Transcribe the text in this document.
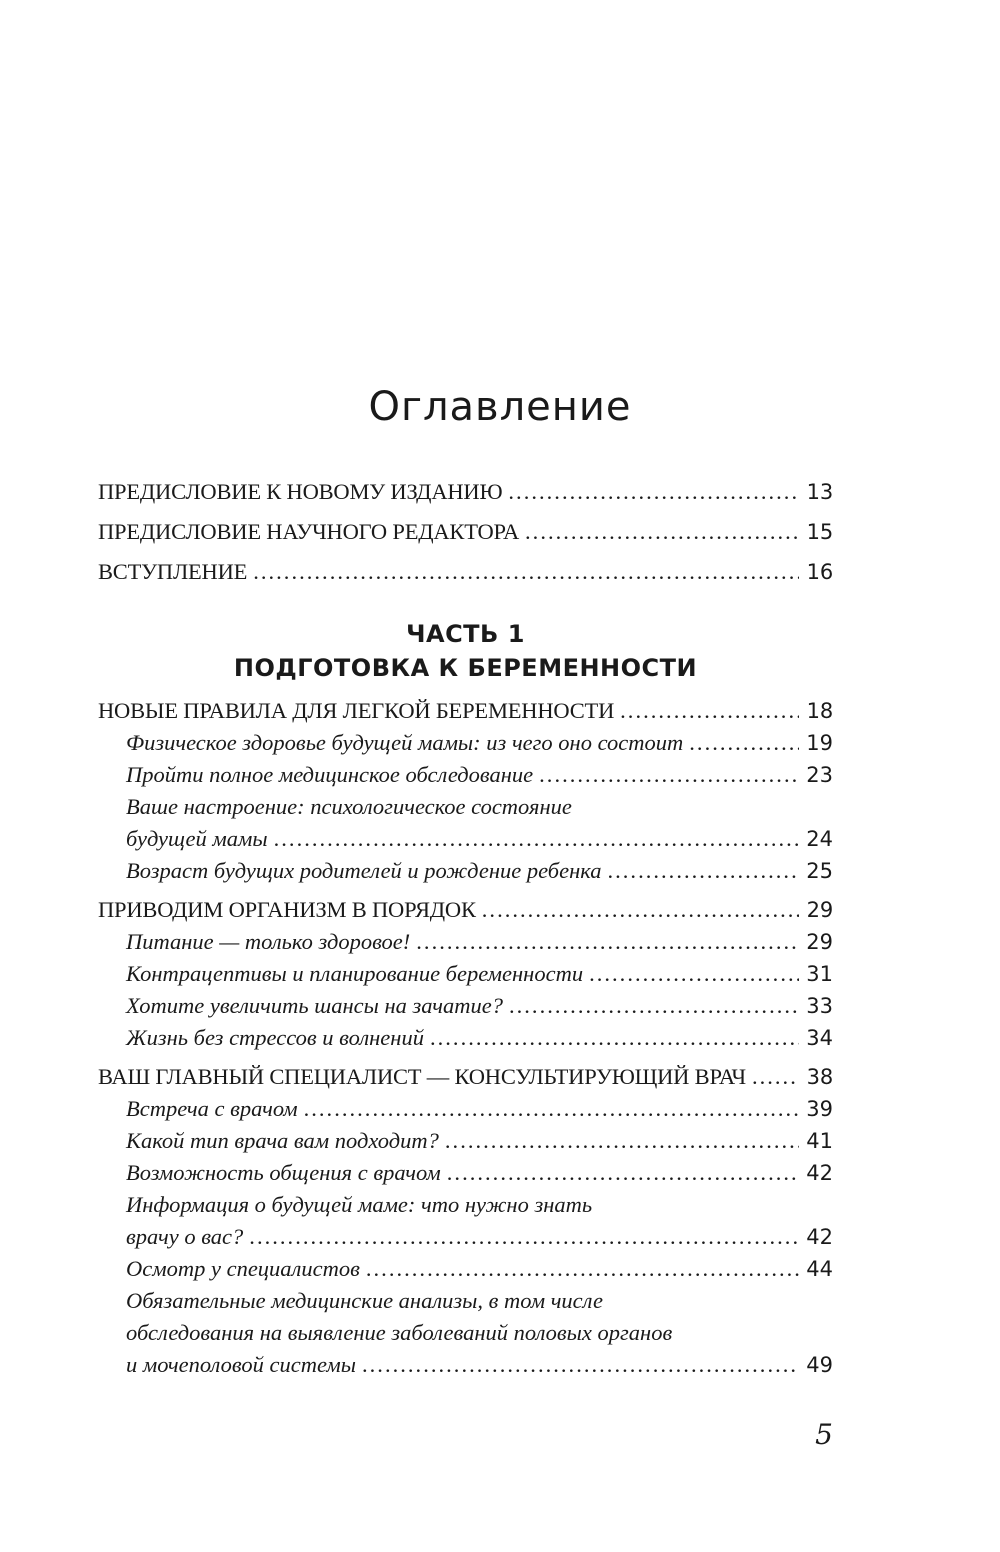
Оглавление
ПРЕДИСЛОВИЕ К НОВОМУ ИЗДАНИЮ . . .	13
ПРЕДИСЛОВИЕ НАУЧНОГО РЕДАКТОРА . . .	15
ВСТУПЛЕНИЕ . . .	16
ЧАСТЬ 1
ПОДГОТОВКА К БЕРЕМЕННОСТИ
НОВЫЕ ПРАВИЛА ДЛЯ ЛЕГКОЙ БЕРЕМЕННОСТИ . . .	18
Физическое здоровье будущей мамы: из чего оно состоит . . .	19
Пройти полное медицинское обследование . . .	23
Ваше настроение: психологическое состояние
будущей мамы . . .	24
Возраст будущих родителей и рождение ребенка . . .	25
ПРИВОДИМ ОРГАНИЗМ В ПОРЯДОК . . .	29
Питание — только здоровое! . . .	29
Контрацептивы и планирование беременности . . .	31
Хотите увеличить шансы на зачатие? . . .	33
Жизнь без стрессов и волнений . . .	34
ВАШ ГЛАВНЫЙ СПЕЦИАЛИСТ — КОНСУЛЬТИРУЮЩИЙ ВРАЧ . . .	38
Встреча с врачом . . .	39
Какой тип врача вам подходит? . . .	41
Возможность общения с врачом . . .	42
Информация о будущей маме: что нужно знать
врачу о вас? . . .	42
Осмотр у специалистов . . .	44
Обязательные медицинские анализы, в том числе
обследования на выявление заболеваний половых органов
и мочеполовой системы . . .	49
5
